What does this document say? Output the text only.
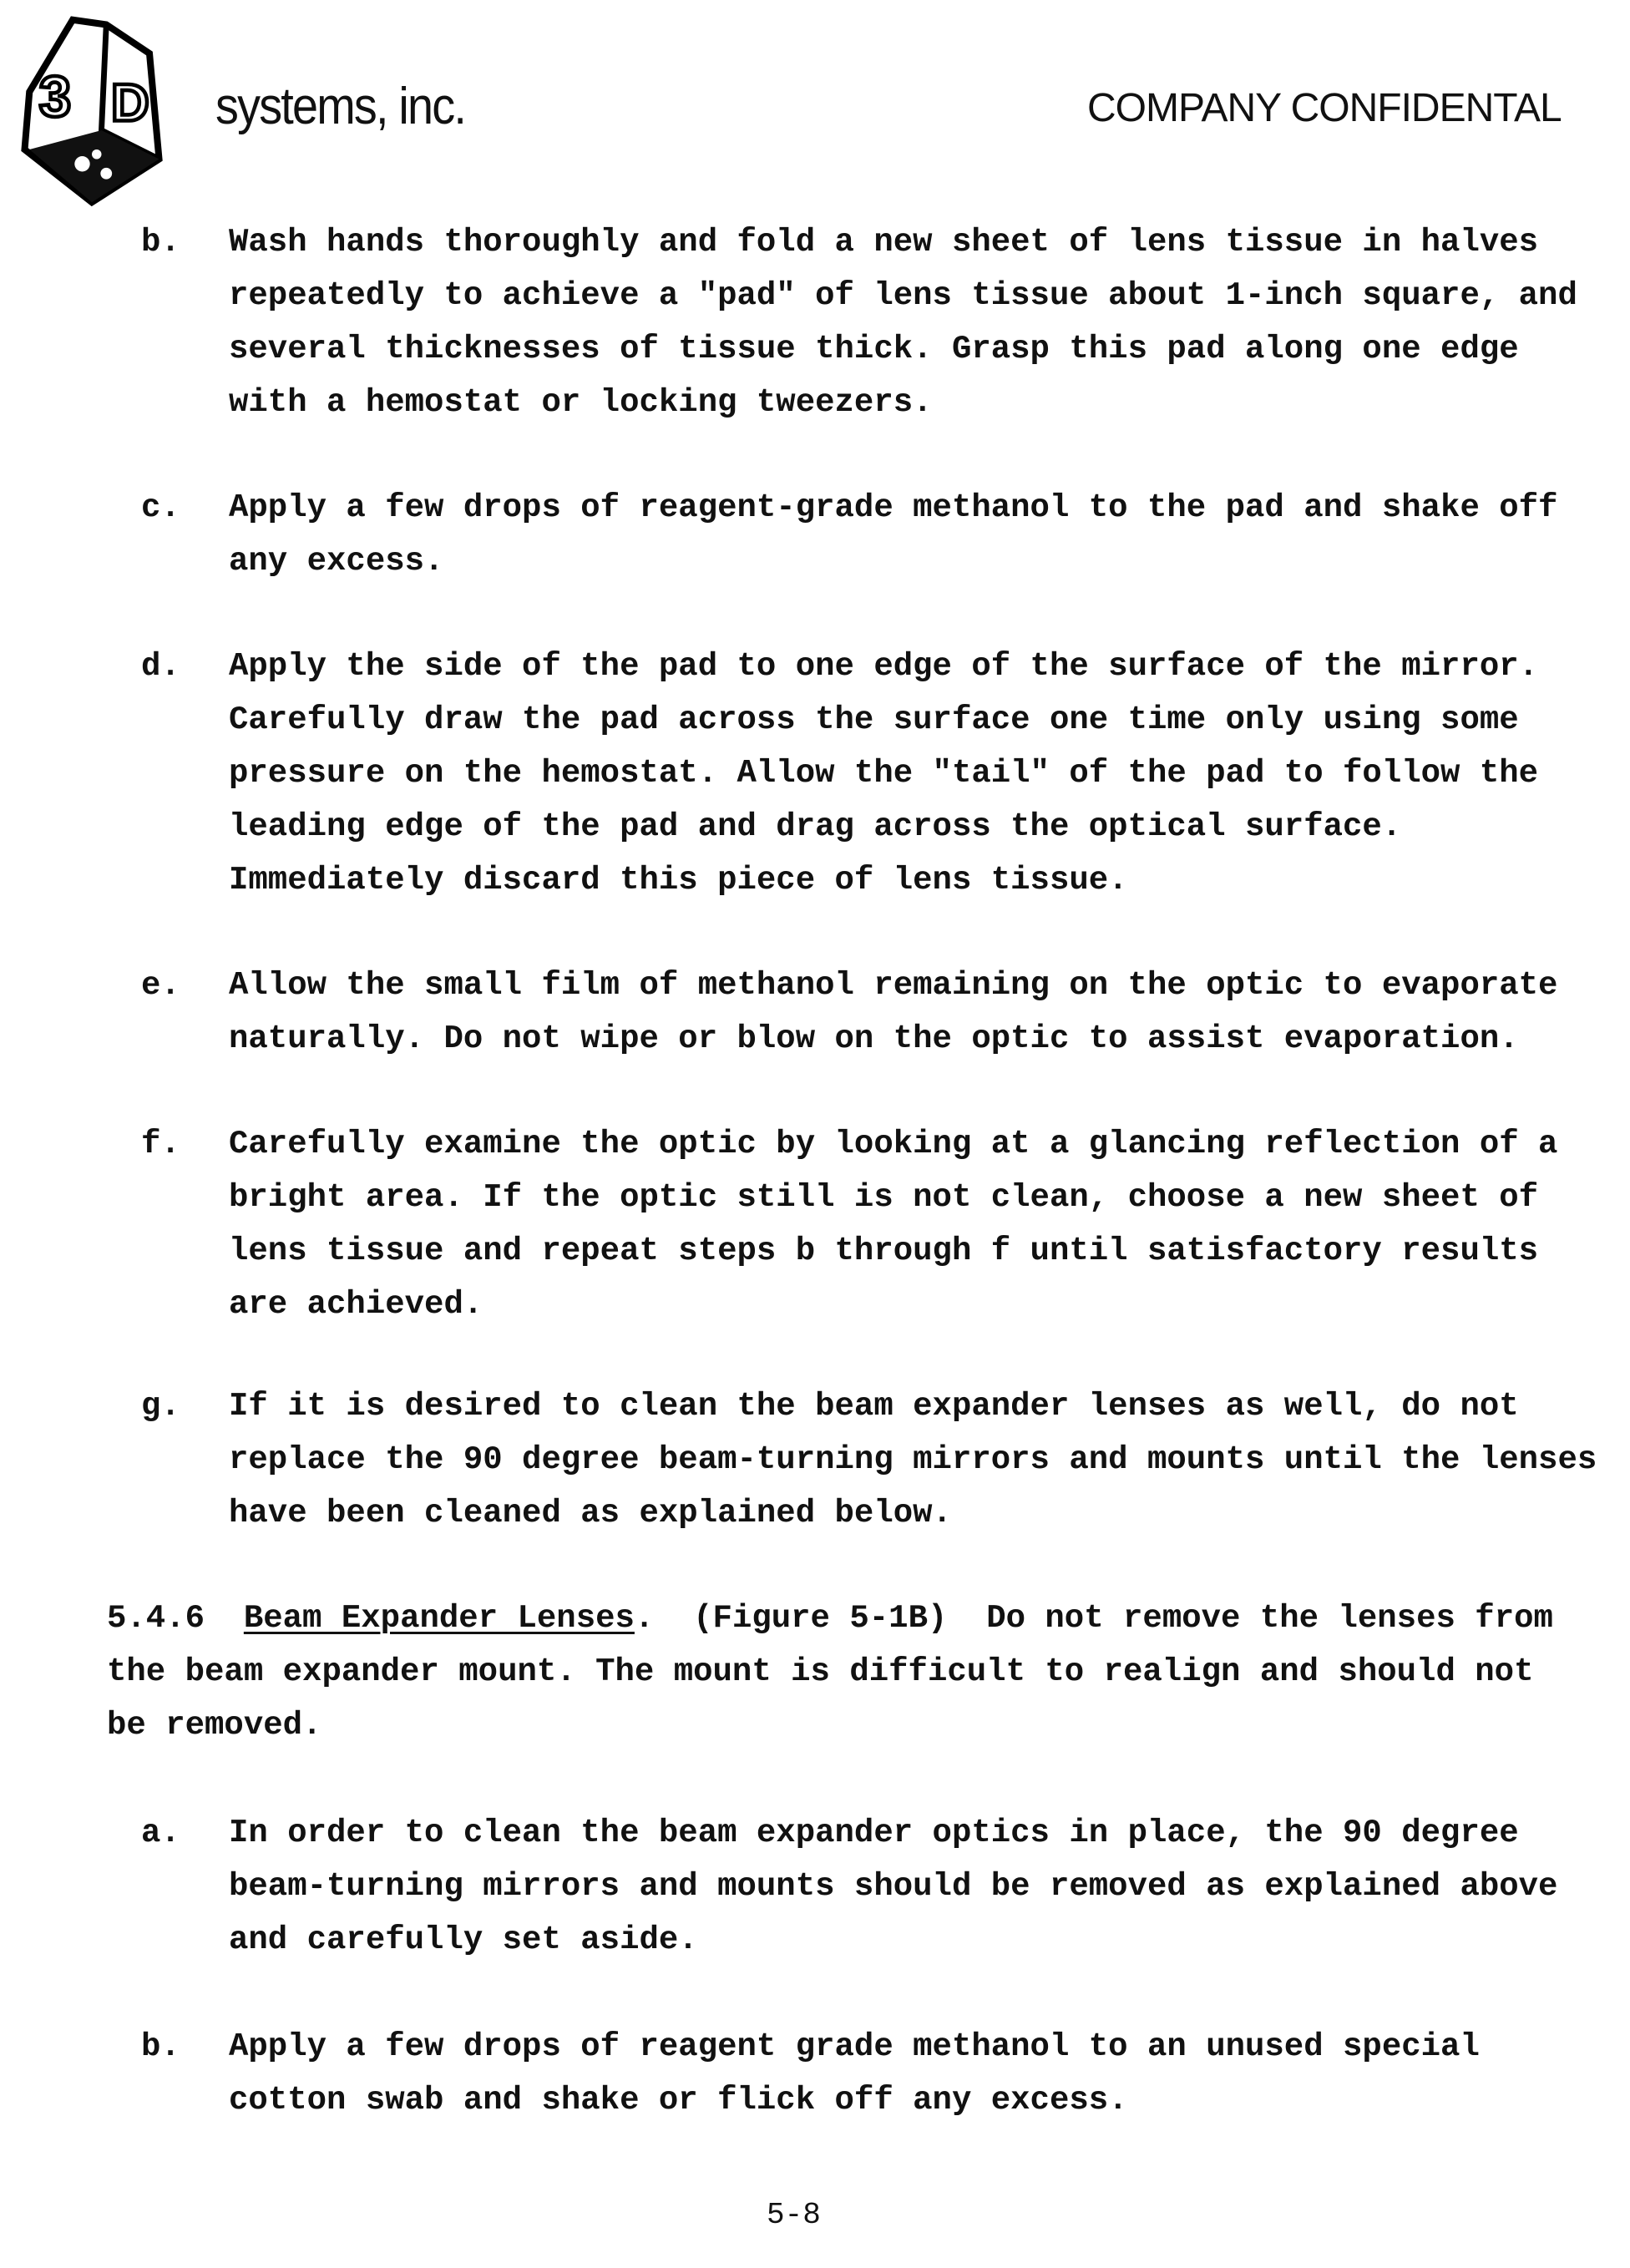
3 D systems, inc.	COMPANY CONFIDENTAL
b. Wash hands thoroughly and fold a new sheet of lens tissue in halves
repeatedly to achieve a "pad" of lens tissue about 1-inch square, and
several thicknesses of tissue thick. Grasp this pad along one edge
with a hemostat or locking tweezers.
c. Apply a few drops of reagent-grade methanol to the pad and shake off
any excess.
d. Apply the side of the pad to one edge of the surface of the mirror.
Carefully draw the pad across the surface one time only using some
pressure on the hemostat. Allow the "tail" of the pad to follow the
leading edge of the pad and drag across the optical surface.
Immediately discard this piece of lens tissue.
e. Allow the small film of methanol remaining on the optic to evaporate
naturally. Do not wipe or blow on the optic to assist evaporation.
f. Carefully examine the optic by looking at a glancing reflection of a
bright area. If the optic still is not clean, choose a new sheet of
lens tissue and repeat steps b through f until satisfactory results
are achieved.
g. If it is desired to clean the beam expander lenses as well, do not
replace the 90 degree beam-turning mirrors and mounts until the lenses
have been cleaned as explained below.
5.4.6 Beam Expander Lenses.  (Figure 5-1B)  Do not remove the lenses from
the beam expander mount. The mount is difficult to realign and should not
be removed.
a. In order to clean the beam expander optics in place, the 90 degree
beam-turning mirrors and mounts should be removed as explained above
and carefully set aside.
b. Apply a few drops of reagent grade methanol to an unused special
cotton swab and shake or flick off any excess.
5-8
